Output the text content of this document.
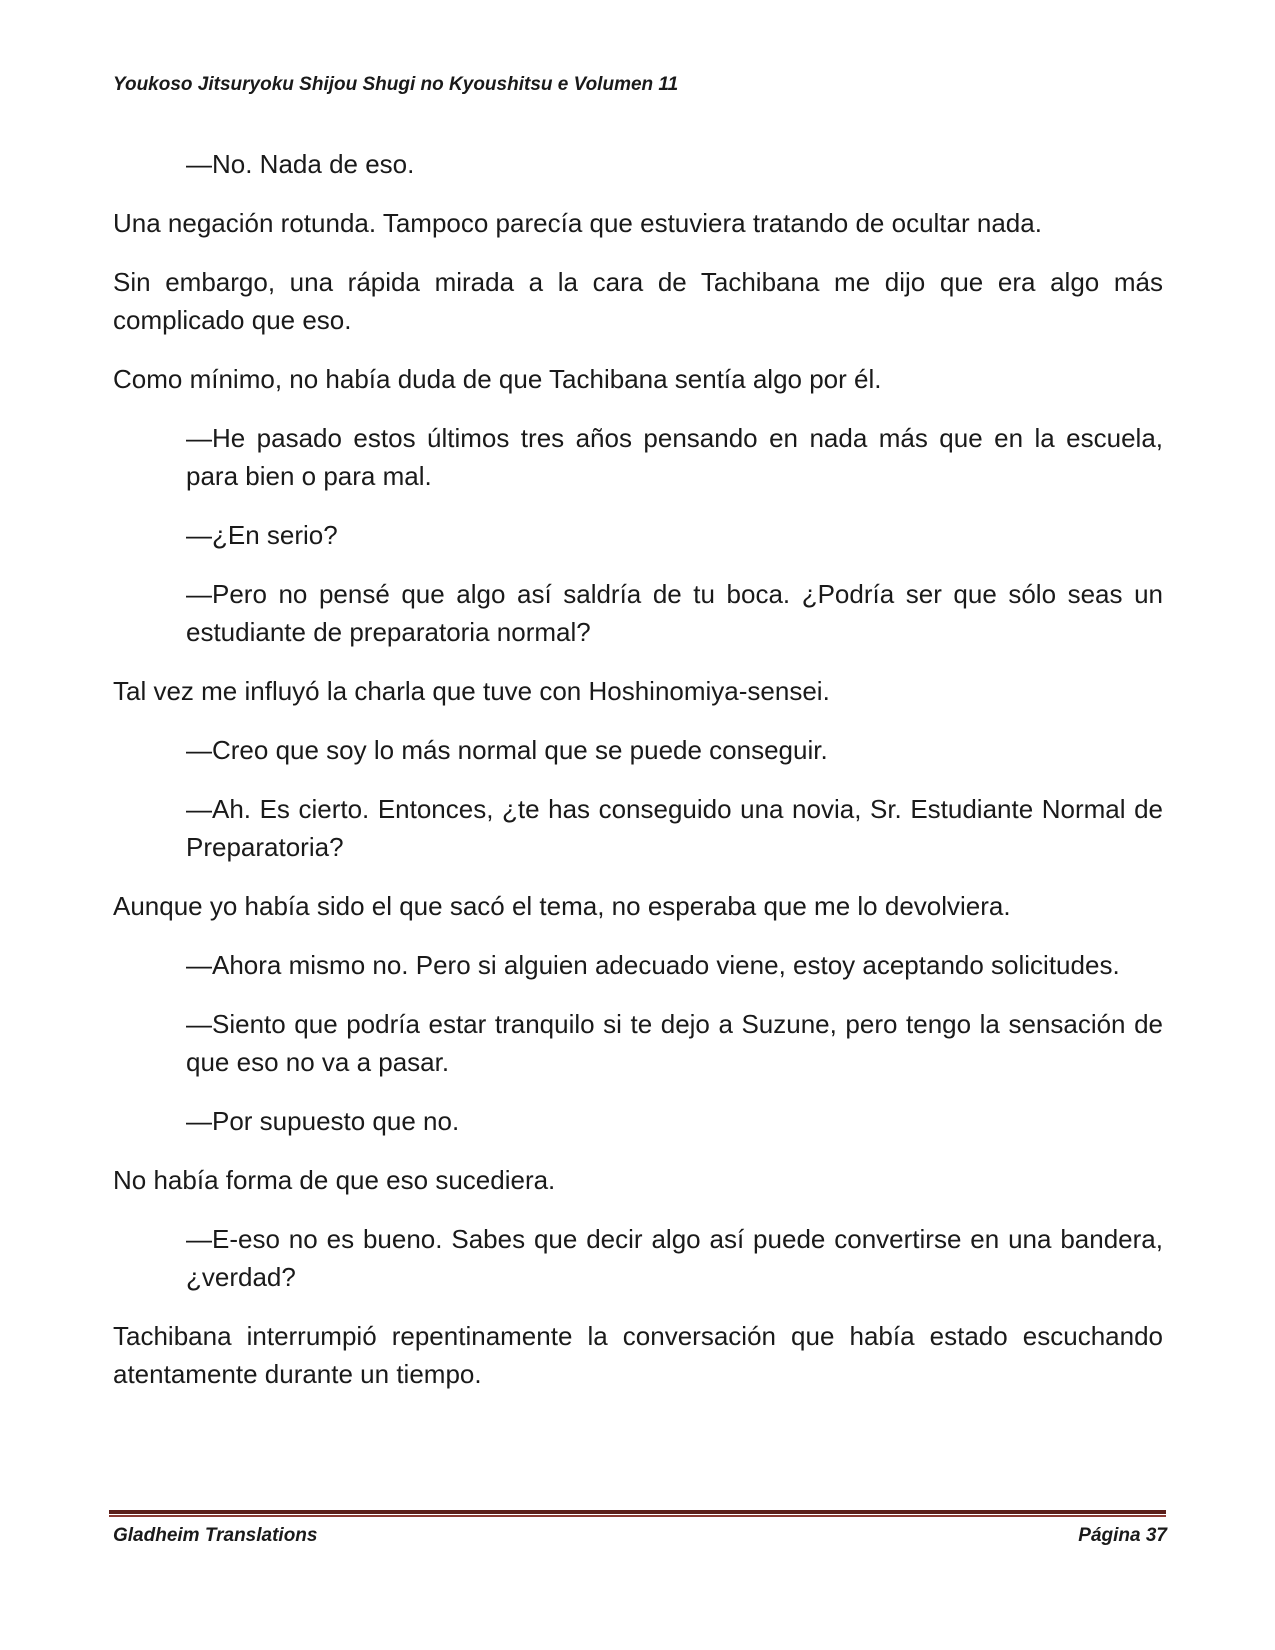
Youkoso Jitsuryoku Shijou Shugi no Kyoushitsu e Volumen 11

—No. Nada de eso.

Una negación rotunda. Tampoco parecía que estuviera tratando de ocultar nada.

Sin embargo, una rápida mirada a la cara de Tachibana me dijo que era algo más complicado que eso.

Como mínimo, no había duda de que Tachibana sentía algo por él.

—He pasado estos últimos tres años pensando en nada más que en la escuela, para bien o para mal.

—¿En serio?

—Pero no pensé que algo así saldría de tu boca. ¿Podría ser que sólo seas un estudiante de preparatoria normal?

Tal vez me influyó la charla que tuve con Hoshinomiya-sensei.

—Creo que soy lo más normal que se puede conseguir.

—Ah. Es cierto. Entonces, ¿te has conseguido una novia, Sr. Estudiante Normal de Preparatoria?

Aunque yo había sido el que sacó el tema, no esperaba que me lo devolviera.

—Ahora mismo no. Pero si alguien adecuado viene, estoy aceptando solicitudes.

—Siento que podría estar tranquilo si te dejo a Suzune, pero tengo la sensación de que eso no va a pasar.

—Por supuesto que no.

No había forma de que eso sucediera.

—E-eso no es bueno. Sabes que decir algo así puede convertirse en una bandera, ¿verdad?

Tachibana interrumpió repentinamente la conversación que había estado escuchando atentamente durante un tiempo.

Gladheim Translations	Página 37
